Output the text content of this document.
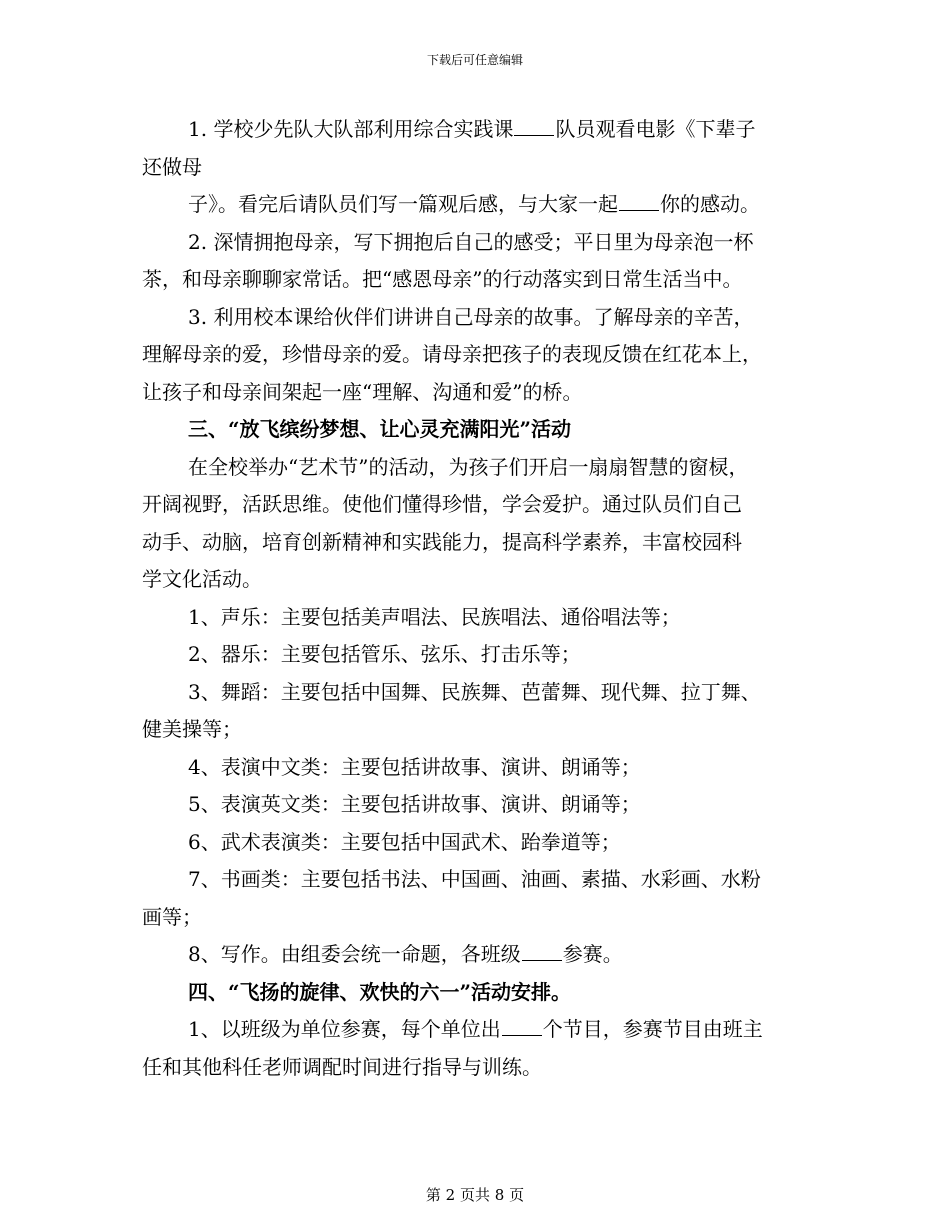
下载后可任意编辑
1. 学校少先队大队部利用综合实践课 队员观看电影《下辈子
还做母
子》。看完后请队员们写一篇观后感，与大家一起 你的感动。
2. 深情拥抱母亲，写下拥抱后自己的感受；平日里为母亲泡一杯
茶，和母亲聊聊家常话。把“感恩母亲”的行动落实到日常生活当中。
3. 利用校本课给伙伴们讲讲自己母亲的故事。了解母亲的辛苦，
理解母亲的爱，珍惜母亲的爱。请母亲把孩子的表现反馈在红花本上，
让孩子和母亲间架起一座“理解、沟通和爱”的桥。
三、“放飞缤纷梦想、让心灵充满阳光”活动
在全校举办“艺术节”的活动，为孩子们开启一扇扇智慧的窗棂，
开阔视野，活跃思维。使他们懂得珍惜，学会爱护。通过队员们自己
动手、动脑，培育创新精神和实践能力，提高科学素养，丰富校园科
学文化活动。
1、声乐：主要包括美声唱法、民族唱法、通俗唱法等；
2、器乐：主要包括管乐、弦乐、打击乐等；
3、舞蹈：主要包括中国舞、民族舞、芭蕾舞、现代舞、拉丁舞、
健美操等；
4、表演中文类：主要包括讲故事、演讲、朗诵等；
5、表演英文类：主要包括讲故事、演讲、朗诵等；
6、武术表演类：主要包括中国武术、跆拳道等；
7、书画类：主要包括书法、中国画、油画、素描、水彩画、水粉
画等；
8、写作。由组委会统一命题，各班级 参赛。
四、“飞扬的旋律、欢快的六一”活动安排。
1、以班级为单位参赛，每个单位出 个节目，参赛节目由班主
任和其他科任老师调配时间进行指导与训练。
第 2 页共 8 页
